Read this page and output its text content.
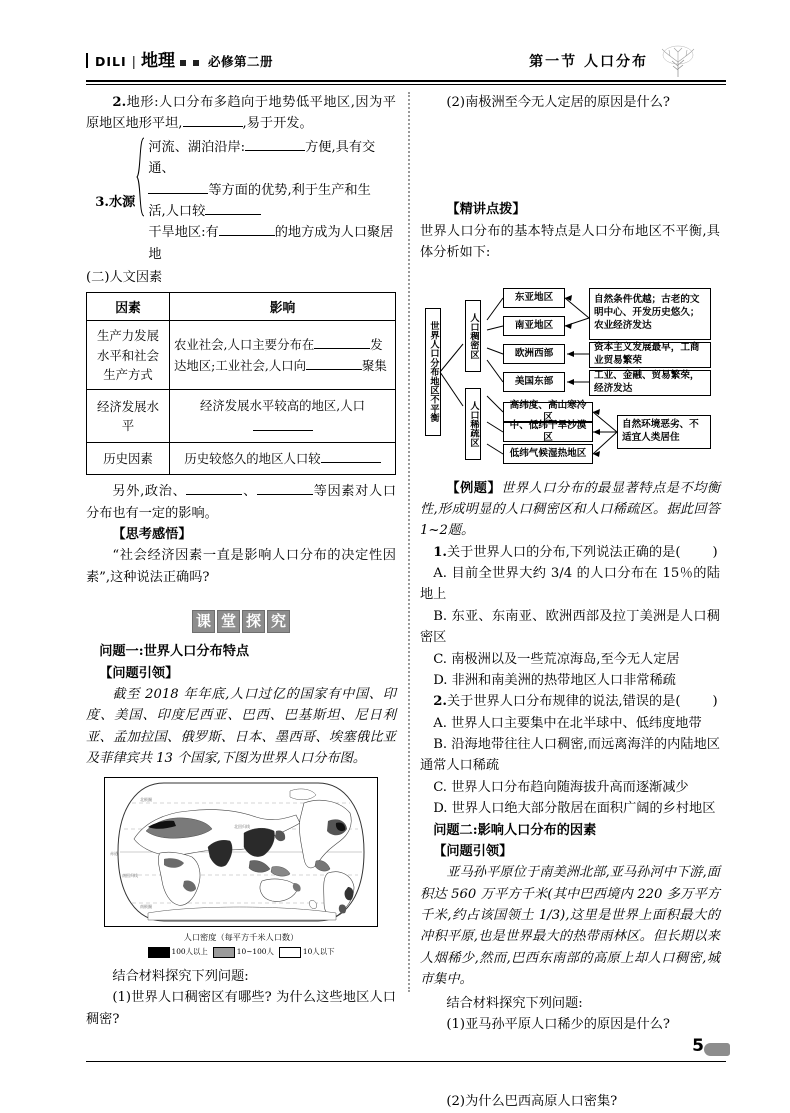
DILI | 地理	必修第二册	第一节 人口分布

2.地形:人口分布多趋向于地势低平地区,因为平原地区地形平坦,	,易于开发。

3.水源
河流、湖泊沿岸:	方便,具有交通、
等方面的优势,利于生产和生
活,人口较
干旱地区:有	的地方成为人口聚居地

(二)人文因素

因素	影响
生产力发展水平和社会生产方式	农业社会,人口主要分布在 发达地区;工业社会,人口向 聚集
经济发展水平	经济发展水平较高的地区,人口
历史因素	历史较悠久的地区人口较

另外,政治、	、	等因素对人口分布也有一定的影响。

【思考感悟】

“社会经济因素一直是影响人口分布的决定性因素”,这种说法正确吗?

课 堂 探 究

问题一:世界人口分布特点

【问题引领】

截至 2018 年年底,人口过亿的国家有中国、印度、美国、印度尼西亚、巴西、巴基斯坦、尼日利亚、孟加拉国、俄罗斯、日本、墨西哥、埃塞俄比亚及菲律宾共 13 个国家,下图为世界人口分布图。

北极圈
北回归线
赤道
南回归线
南极圈
人口密度（每平方千米人口数）
100人以上	10~100人	10人以下

结合材料探究下列问题:

(1)世界人口稠密区有哪些? 为什么这些地区人口稠密?

(2)南极洲至今无人定居的原因是什么?

【精讲点拨】

世界人口分布的基本特点是人口分布地区不平衡,具体分析如下:

世界人口分布地区不平衡	人口稠密区
人口稀疏区
东亚地区
南亚地区
欧洲西部
美国东部
高纬度、高山寒冷区
中、低纬干旱沙漠区
低纬气候湿热地区
自然条件优越；古老的文明中心、开发历史悠久；农业经济发达
资本主义发展最早，工商业贸易繁荣
工业、金融、贸易繁荣，经济发达
自然环境恶劣、不适宜人类居住

【例题】世界人口分布的最显著特点是不均衡性,形成明显的人口稠密区和人口稀疏区。据此回答1~2题。

1.关于世界人口的分布,下列说法正确的是( )

A. 目前全世界大约 3/4 的人口分布在 15％的陆地上

B. 东亚、东南亚、欧洲西部及拉丁美洲是人口稠密区

C. 南极洲以及一些荒凉海岛,至今无人定居

D. 非洲和南美洲的热带地区人口非常稀疏

2.关于世界人口分布规律的说法,错误的是( )

A. 世界人口主要集中在北半球中、低纬度地带

B. 沿海地带往往人口稠密,而远离海洋的内陆地区通常人口稀疏

C. 世界人口分布趋向随海拔升高而逐渐减少

D. 世界人口绝大部分散居在面积广阔的乡村地区

问题二:影响人口分布的因素

【问题引领】

亚马孙平原位于南美洲北部,亚马孙河中下游,面积达 560 万平方千米(其中巴西境内 220 多万平方千米,约占该国领土 1/3),这里是世界上面积最大的冲积平原,也是世界最大的热带雨林区。但长期以来人烟稀少,然而,巴西东南部的高原上却人口稠密,城市集中。

结合材料探究下列问题:

(1)亚马孙平原人口稀少的原因是什么?

(2)为什么巴西高原人口密集?

5
